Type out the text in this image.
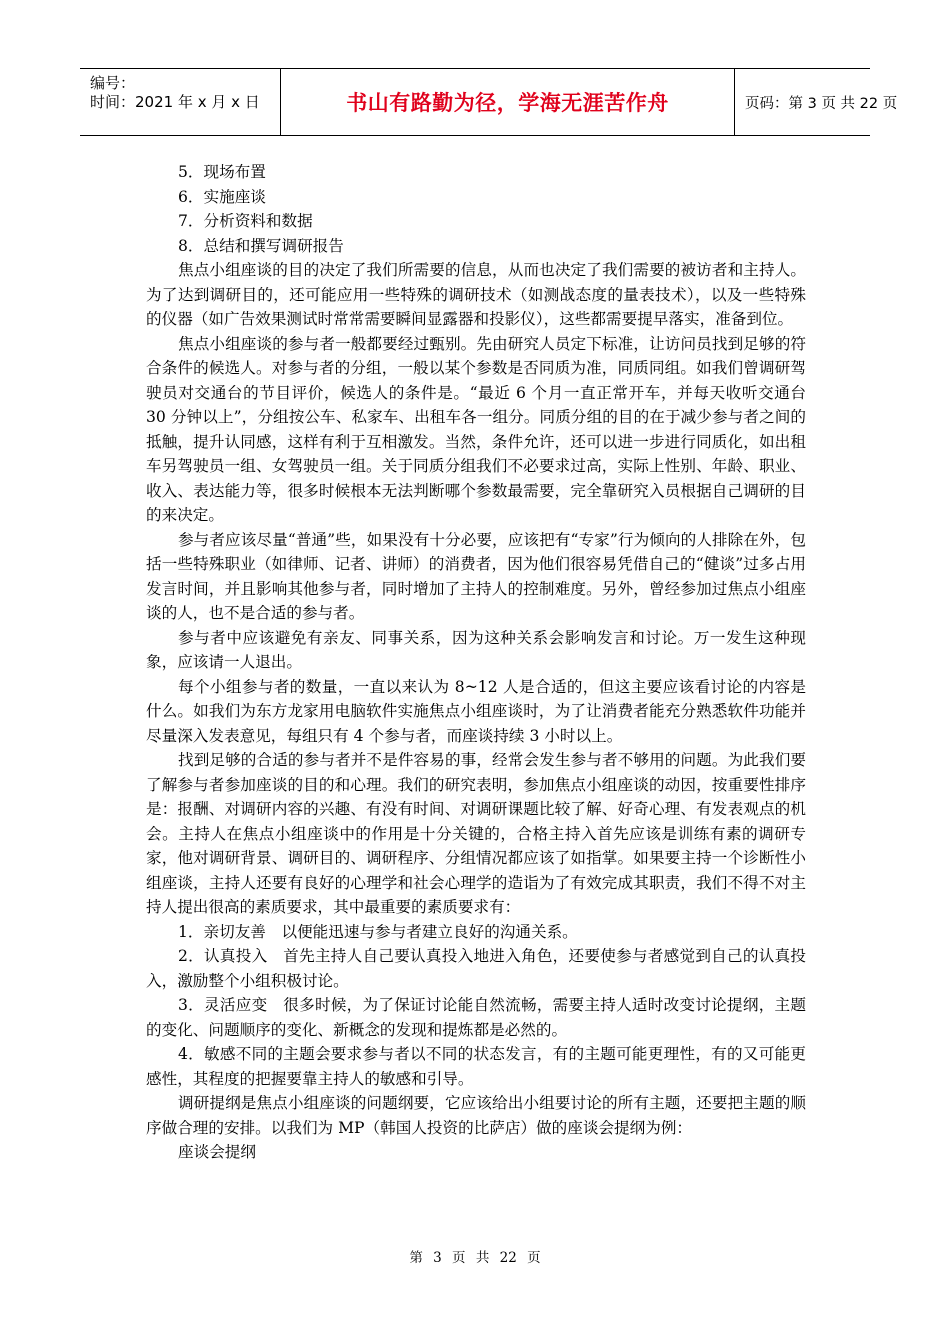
编号：
时间：2021 年 x 月 x 日	书山有路勤为径，学海无涯苦作舟	页码：第 3 页 共 22 页

5．现场布置

6．实施座谈

7．分析资料和数据

8．总结和撰写调研报告

焦点小组座谈的目的决定了我们所需要的信息，从而也决定了我们需要的被访者和主持人。为了达到调研目的，还可能应用一些特殊的调研技术（如测战态度的量表技术），以及一些特殊的仪器（如广告效果测试时常常需要瞬间显露器和投影仪），这些都需要提早落实，准备到位。

焦点小组座谈的参与者一般都要经过甄别。先由研究人员定下标准，让访问员找到足够的符合条件的候选人。对参与者的分组，一般以某个参数是否同质为准，同质同组。如我们曾调研驾驶员对交通台的节目评价，候选人的条件是。“最近 6 个月一直正常开车，并每天收听交通台 30 分钟以上”，分组按公车、私家车、出租车各一组分。同质分组的目的在于减少参与者之间的抵触，提升认同感，这样有利于互相激发。当然，条件允许，还可以进一步进行同质化，如出租车另驾驶员一组、女驾驶员一组。关于同质分组我们不必要求过高，实际上性别、年龄、职业、收入、表达能力等，很多时候根本无法判断哪个参数最需要，完全靠研究入员根据自己调研的目的来决定。

参与者应该尽量“普通”些，如果没有十分必要，应该把有“专家”行为倾向的人排除在外，包括一些特殊职业（如律师、记者、讲师）的消费者，因为他们很容易凭借自己的“健谈”过多占用发言时间，并且影响其他参与者，同时增加了主持人的控制难度。另外，曾经参加过焦点小组座谈的人，也不是合适的参与者。

参与者中应该避免有亲友、同事关系，因为这种关系会影响发言和讨论。万一发生这种现象，应该请一人退出。

每个小组参与者的数量，一直以来认为 8~12 人是合适的，但这主要应该看讨论的内容是什么。如我们为东方龙家用电脑软件实施焦点小组座谈时，为了让消费者能充分熟悉软件功能并尽量深入发表意见，每组只有 4 个参与者，而座谈持续 3 小时以上。

找到足够的合适的参与者并不是件容易的事，经常会发生参与者不够用的问题。为此我们要了解参与者参加座谈的目的和心理。我们的研究表明，参加焦点小组座谈的动因，按重要性排序是：报酬、对调研内容的兴趣、有没有时间、对调研课题比较了解、好奇心理、有发表观点的机会。主持人在焦点小组座谈中的作用是十分关键的，合格主持入首先应该是训练有素的调研专家，他对调研背景、调研目的、调研程序、分组情况都应该了如指掌。如果要主持一个诊断性小组座谈，主持人还要有良好的心理学和社会心理学的造诣为了有效完成其职责，我们不得不对主持人提出很高的素质要求，其中最重要的素质要求有：

1．亲切友善　以便能迅速与参与者建立良好的沟通关系。

2．认真投入　首先主持人自己要认真投入地进入角色，还要使参与者感觉到自己的认真投入，激励整个小组积极讨论。

3．灵活应变　很多时候，为了保证讨论能自然流畅，需要主持人适时改变讨论提纲，主题的变化、问题顺序的变化、新概念的发现和提炼都是必然的。

4．敏感不同的主题会要求参与者以不同的状态发言，有的主题可能更理性，有的又可能更感性，其程度的把握要靠主持人的敏感和引导。

调研提纲是焦点小组座谈的问题纲要，它应该给出小组要讨论的所有主题，还要把主题的顺序做合理的安排。以我们为 MP（韩国人投资的比萨店）做的座谈会提纲为例：

座谈会提纲

第 3 页 共 22 页
